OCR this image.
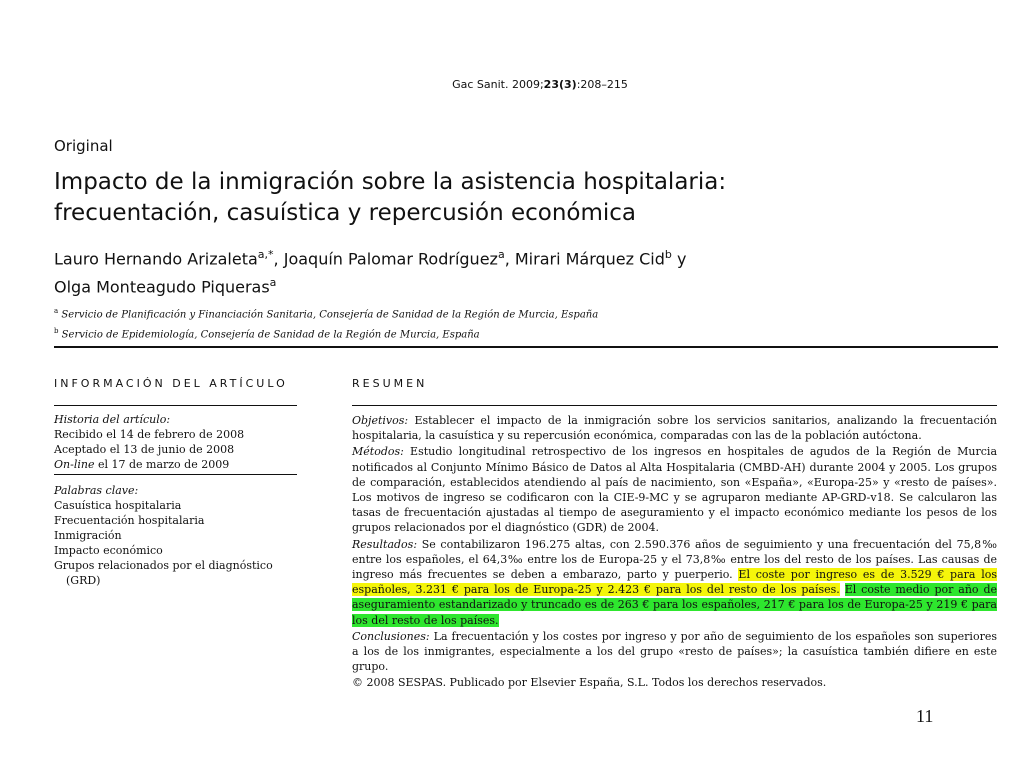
Gac Sanit. 2009;23(3):208–215
Original
Impacto de la inmigración sobre la asistencia hospitalaria:
frecuentación, casuística y repercusión económica
Lauro Hernando Arizaleta$^{a,*}$, Joaquín Palomar Rodríguez$^a$, Mirari Márquez Cid$^b$ y
Olga Monteagudo Piqueras$^a$
$^a$ Servicio de Planificación y Financiación Sanitaria, Consejería de Sanidad de la Región de Murcia, España
$^b$ Servicio de Epidemiología, Consejería de Sanidad de la Región de Murcia, España
INFORMACIÓN DEL ARTÍCULO
Historia del artículo:
Recibido el 14 de febrero de 2008
Aceptado el 13 de junio de 2008
On-line el 17 de marzo de 2009
Palabras clave:
Casuística hospitalaria
Frecuentación hospitalaria
Inmigración
Impacto económico
Grupos relacionados por el diagnóstico
(GRD)
RESUMEN

Objetivos: Establecer el impacto de la inmigración sobre los servicios sanitarios, analizando la frecuentación hospitalaria, la casuística y su repercusión económica, comparadas con las de la población autóctona.

Métodos: Estudio longitudinal retrospectivo de los ingresos en hospitales de agudos de la Región de Murcia notificados al Conjunto Mínimo Básico de Datos al Alta Hospitalaria (CMBD-AH) durante 2004 y 2005. Los grupos de comparación, establecidos atendiendo al país de nacimiento, son «España», «Europa-25» y «resto de países». Los motivos de ingreso se codificaron con la CIE-9-MC y se agruparon mediante AP-GRD-v18. Se calcularon las tasas de frecuentación ajustadas al tiempo de aseguramiento y el impacto económico mediante los pesos de los grupos relacionados por el diagnóstico (GDR) de 2004.

Resultados: Se contabilizaron 196.275 altas, con 2.590.376 años de seguimiento y una frecuentación del 75,8‰ entre los españoles, el 64,3‰ entre los de Europa-25 y el 73,8‰ entre los del resto de los países. Las causas de ingreso más frecuentes se deben a embarazo, parto y puerperio. El coste por ingreso es de 3.529 € para los españoles, 3.231 € para los de Europa-25 y 2.423 € para los del resto de los países. El coste medio por año de aseguramiento estandarizado y truncado es de 263 € para los españoles, 217 € para los de Europa-25 y 219 € para los del resto de los países.

Conclusiones: La frecuentación y los costes por ingreso y por año de seguimiento de los españoles son superiores a los de los inmigrantes, especialmente a los del grupo «resto de países»; la casuística también difiere en este grupo.

© 2008 SESPAS. Publicado por Elsevier España, S.L. Todos los derechos reservados.

11
